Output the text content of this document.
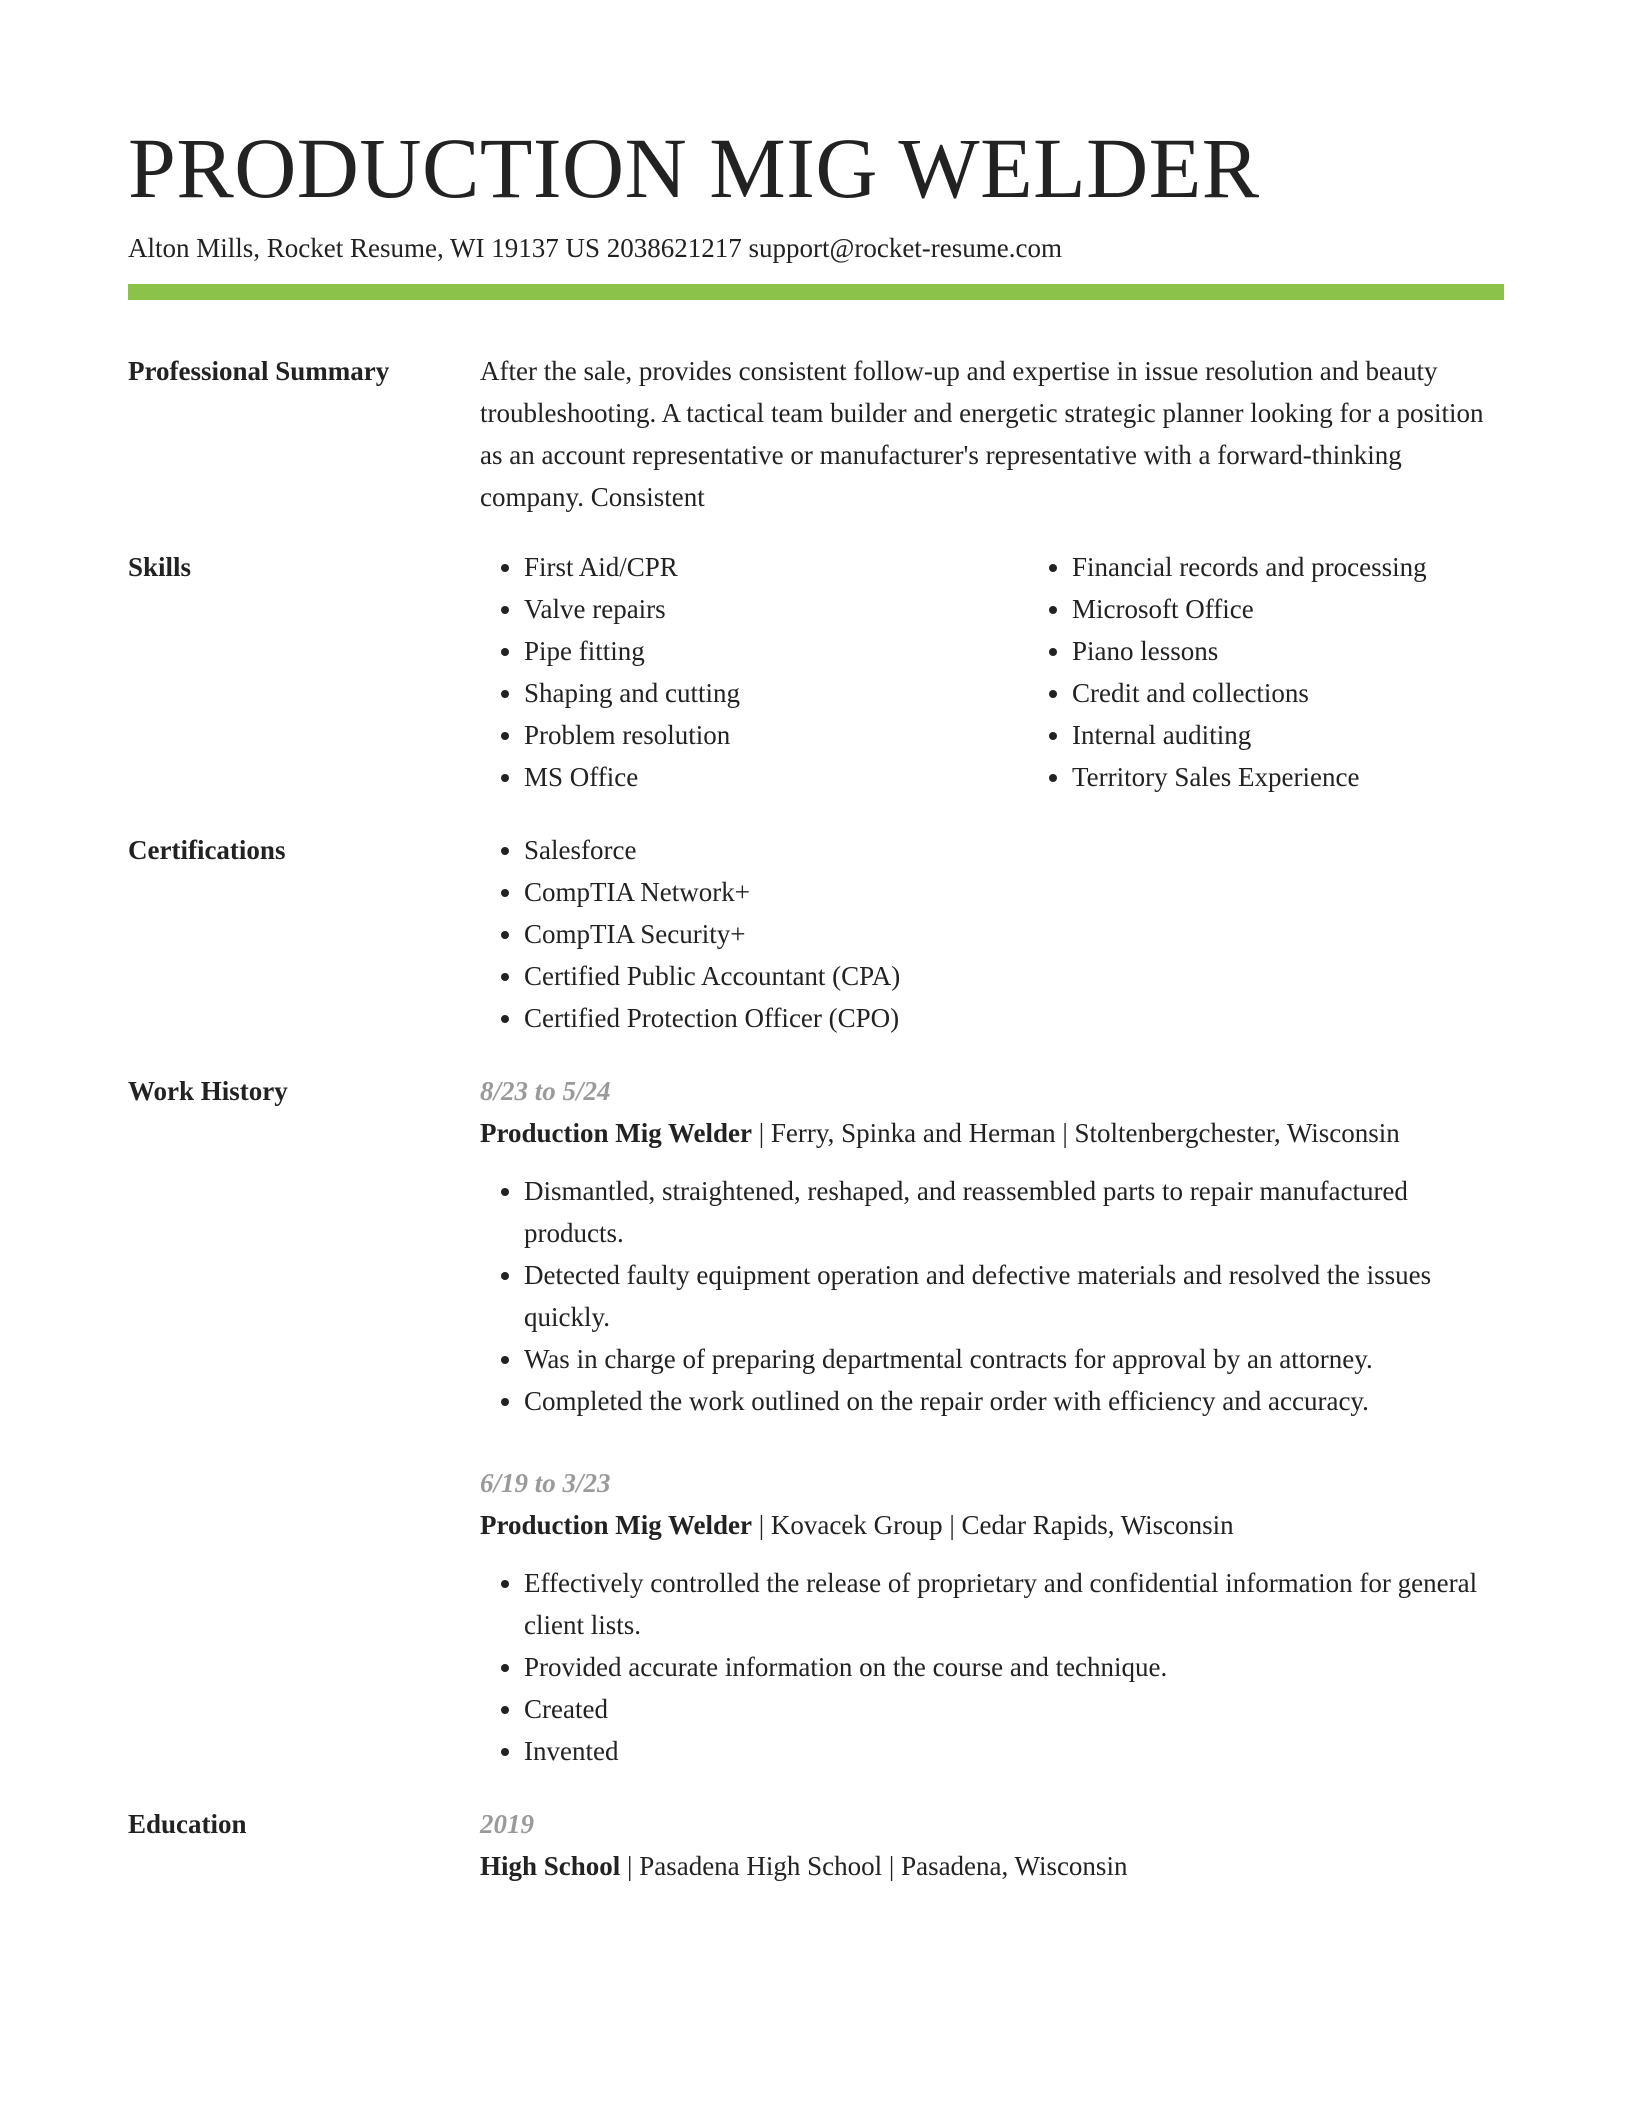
PRODUCTION MIG WELDER
Alton Mills, Rocket Resume, WI 19137 US 2038621217 support@rocket-resume.com
Professional Summary	After the sale, provides consistent follow-up and expertise in issue resolution and beauty troubleshooting. A tactical team builder and energetic strategic planner looking for a position as an account representative or manufacturer's representative with a forward-thinking company. Consistent
Skills	• First Aid/CPR
• Valve repairs
• Pipe fitting
• Shaping and cutting
• Problem resolution
• MS Office
• Financial records and processing
• Microsoft Office
• Piano lessons
• Credit and collections
• Internal auditing
• Territory Sales Experience
Certifications	• Salesforce
• CompTIA Network+
• CompTIA Security+
• Certified Public Accountant (CPA)
• Certified Protection Officer (CPO)
Work History	8/23 to 5/24
Production Mig Welder | Ferry, Spinka and Herman | Stoltenbergchester, Wisconsin
• Dismantled, straightened, reshaped, and reassembled parts to repair manufactured products.
• Detected faulty equipment operation and defective materials and resolved the issues quickly.
• Was in charge of preparing departmental contracts for approval by an attorney.
• Completed the work outlined on the repair order with efficiency and accuracy.
6/19 to 3/23
Production Mig Welder | Kovacek Group | Cedar Rapids, Wisconsin
• Effectively controlled the release of proprietary and confidential information for general client lists.
• Provided accurate information on the course and technique.
• Created
• Invented
Education	2019
High School | Pasadena High School | Pasadena, Wisconsin
